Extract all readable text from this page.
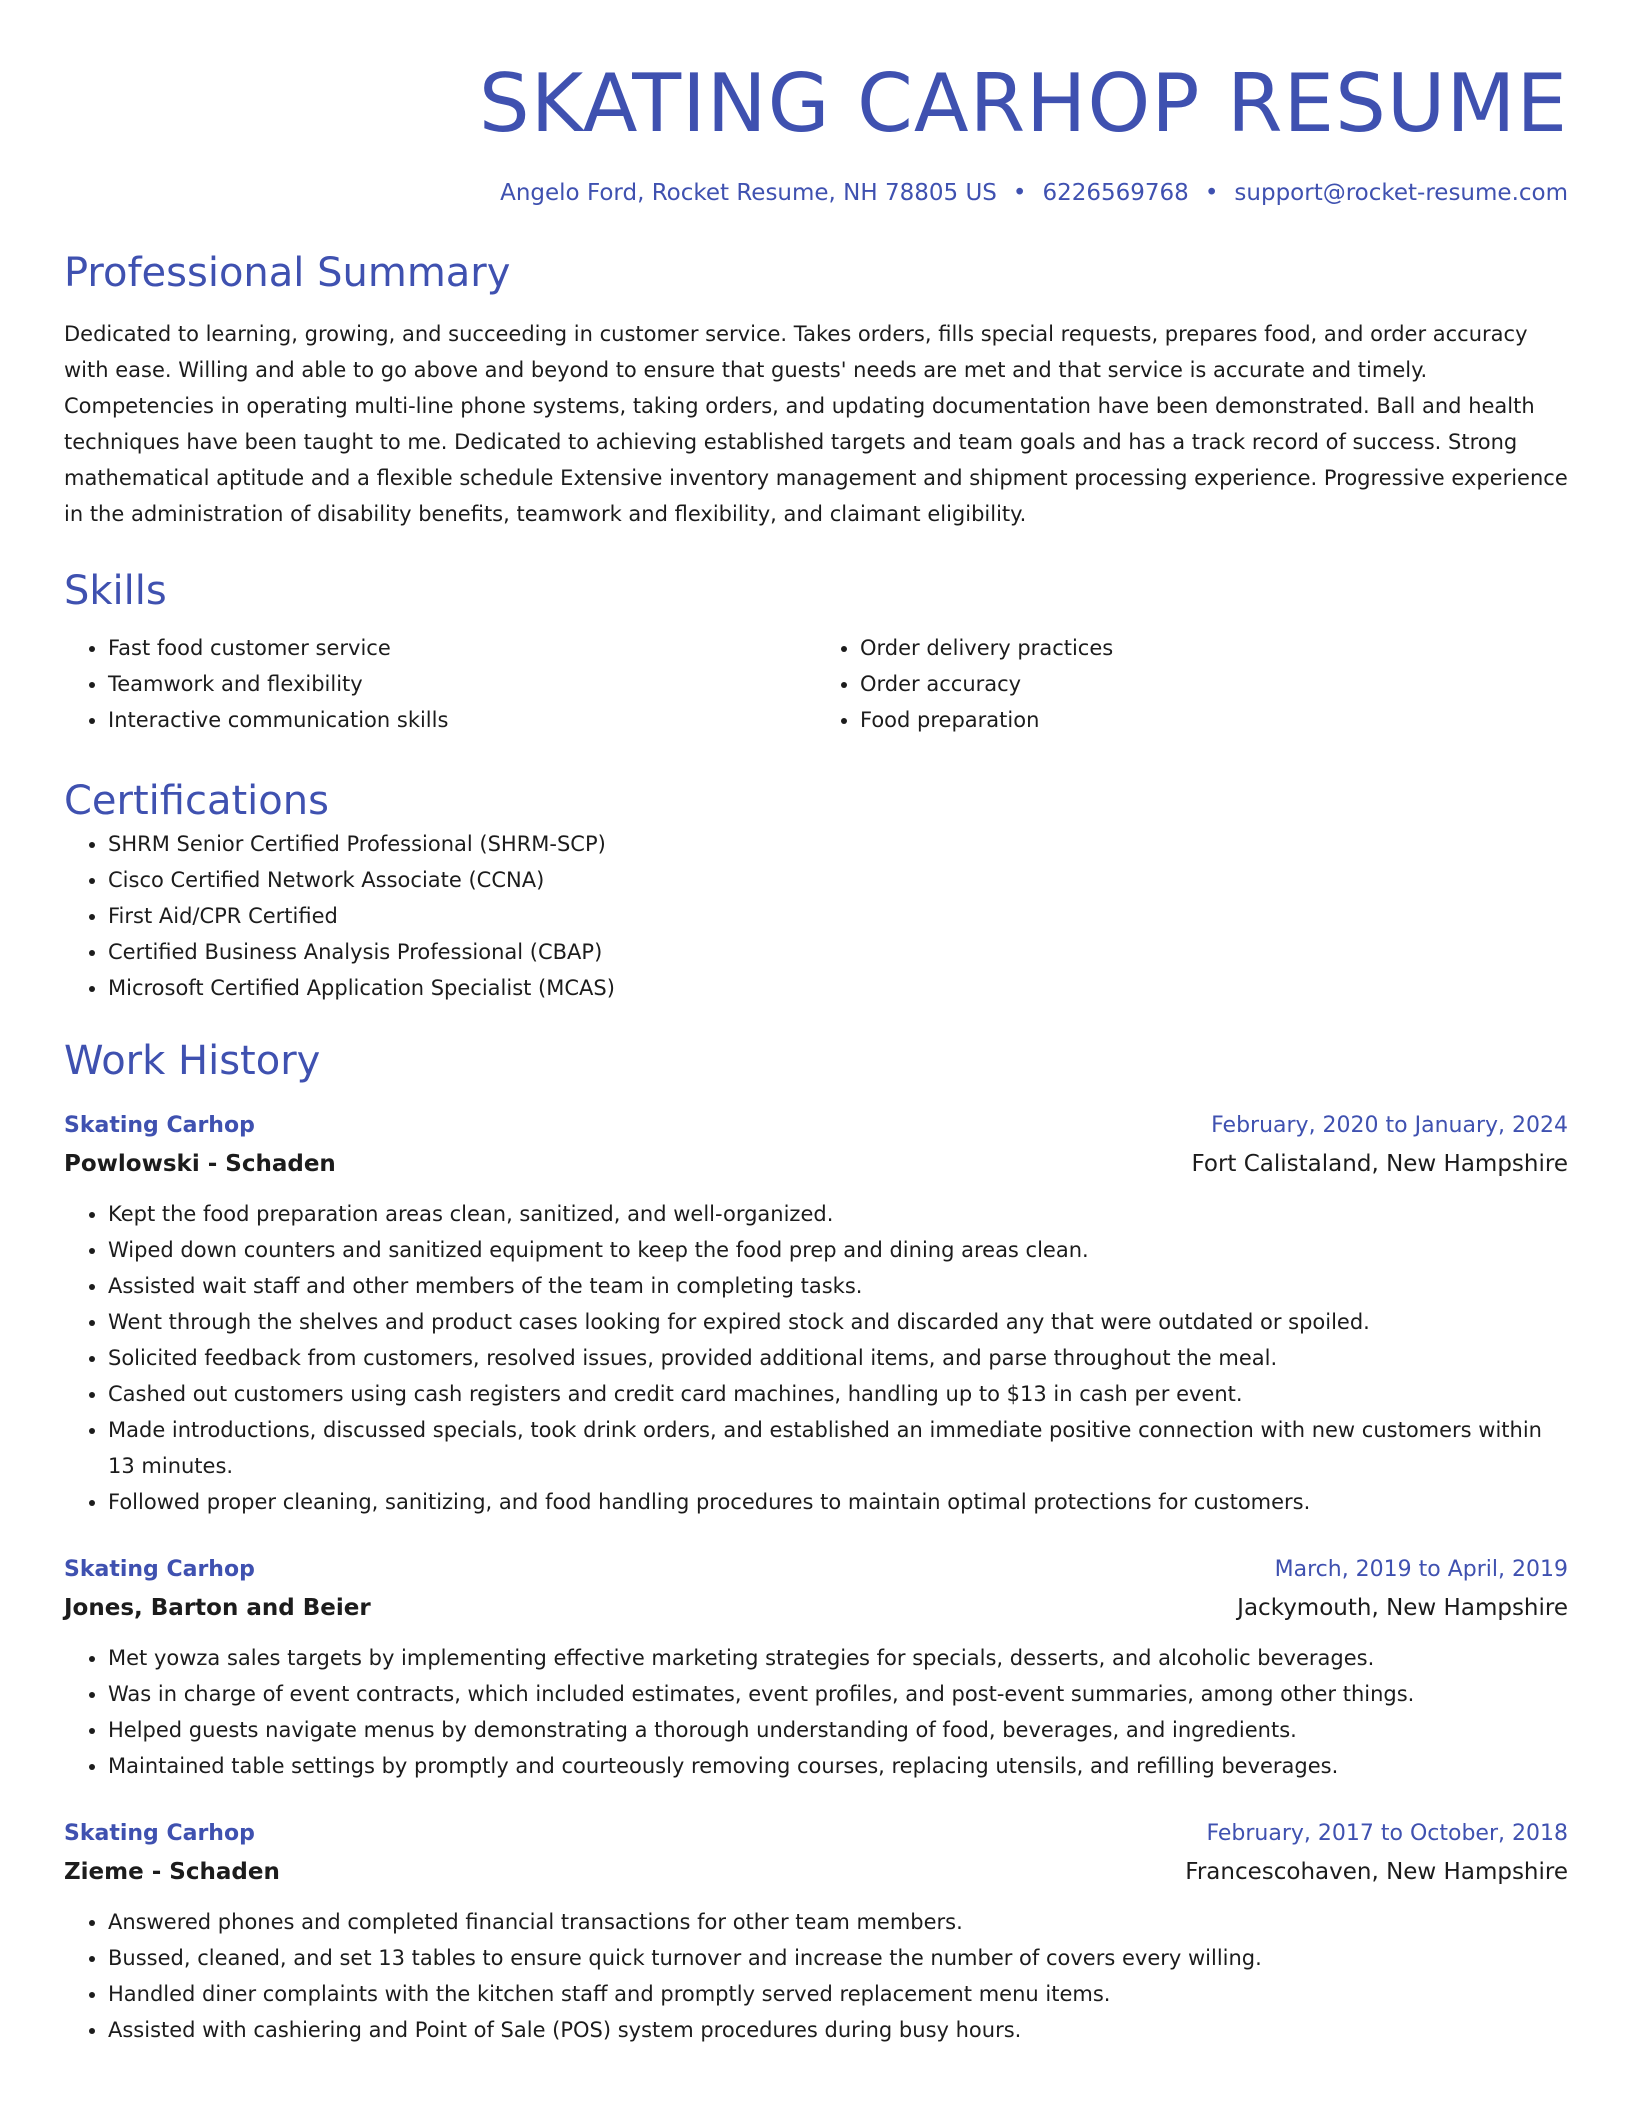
SKATING CARHOP RESUME
Angelo Ford, Rocket Resume, NH 78805 US • 6226569768 • support@rocket-resume.com
Professional Summary
Dedicated to learning, growing, and succeeding in customer service. Takes orders, fills special requests, prepares food, and order accuracy with ease. Willing and able to go above and beyond to ensure that guests' needs are met and that service is accurate and timely. Competencies in operating multi-line phone systems, taking orders, and updating documentation have been demonstrated. Ball and health techniques have been taught to me. Dedicated to achieving established targets and team goals and has a track record of success. Strong mathematical aptitude and a flexible schedule Extensive inventory management and shipment processing experience. Progressive experience in the administration of disability benefits, teamwork and flexibility, and claimant eligibility.
Skills
• Fast food customer service
• Teamwork and flexibility
• Interactive communication skills
• Order delivery practices
• Order accuracy
• Food preparation
Certifications
• SHRM Senior Certified Professional (SHRM-SCP)
• Cisco Certified Network Associate (CCNA)
• First Aid/CPR Certified
• Certified Business Analysis Professional (CBAP)
• Microsoft Certified Application Specialist (MCAS)
Work History
Skating Carhop	February, 2020 to January, 2024
Powlowski - Schaden	Fort Calistaland, New Hampshire
• Kept the food preparation areas clean, sanitized, and well-organized.
• Wiped down counters and sanitized equipment to keep the food prep and dining areas clean.
• Assisted wait staff and other members of the team in completing tasks.
• Went through the shelves and product cases looking for expired stock and discarded any that were outdated or spoiled.
• Solicited feedback from customers, resolved issues, provided additional items, and parse throughout the meal.
• Cashed out customers using cash registers and credit card machines, handling up to $13 in cash per event.
• Made introductions, discussed specials, took drink orders, and established an immediate positive connection with new customers within 13 minutes.
• Followed proper cleaning, sanitizing, and food handling procedures to maintain optimal protections for customers.
Skating Carhop	March, 2019 to April, 2019
Jones, Barton and Beier	Jackymouth, New Hampshire
• Met yowza sales targets by implementing effective marketing strategies for specials, desserts, and alcoholic beverages.
• Was in charge of event contracts, which included estimates, event profiles, and post-event summaries, among other things.
• Helped guests navigate menus by demonstrating a thorough understanding of food, beverages, and ingredients.
• Maintained table settings by promptly and courteously removing courses, replacing utensils, and refilling beverages.
Skating Carhop	February, 2017 to October, 2018
Zieme - Schaden	Francescohaven, New Hampshire
• Answered phones and completed financial transactions for other team members.
• Bussed, cleaned, and set 13 tables to ensure quick turnover and increase the number of covers every willing.
• Handled diner complaints with the kitchen staff and promptly served replacement menu items.
• Assisted with cashiering and Point of Sale (POS) system procedures during busy hours.
